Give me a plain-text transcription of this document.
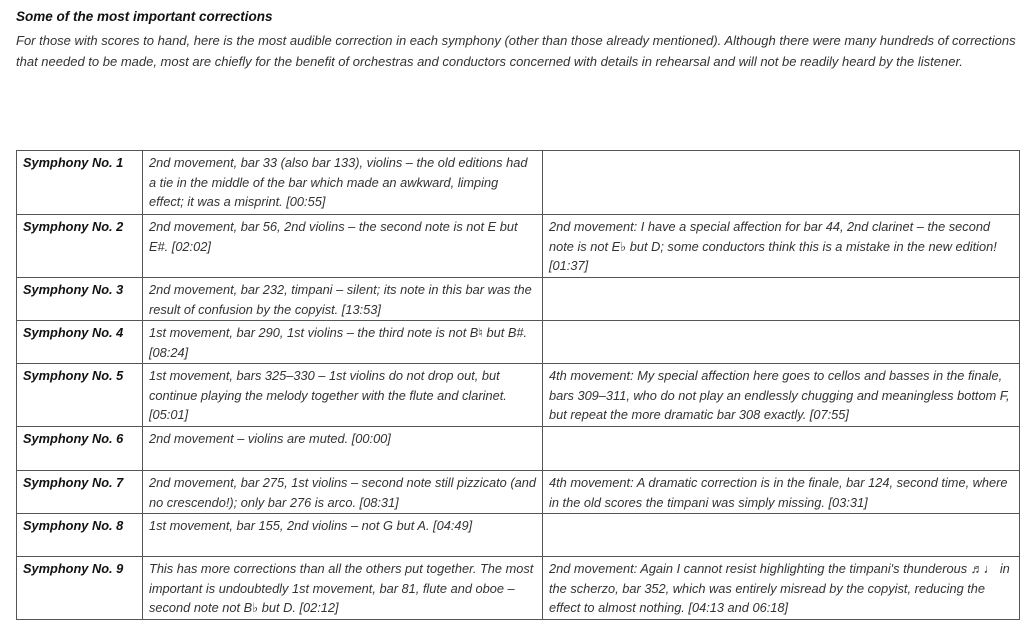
Some of the most important corrections

For those with scores to hand, here is the most audible correction in each symphony (other than those already mentioned). Although there were many hundreds of corrections that needed to be made, most are chiefly for the benefit of orchestras and conductors concerned with details in rehearsal and will not be readily heard by the listener.

Symphony No. 1	2nd movement, bar 33 (also bar 133), violins – the old editions had a tie in the middle of the bar which made an awkward, limping effect; it was a misprint. [00:55]	
Symphony No. 2	2nd movement, bar 56, 2nd violins – the second note is not E but E#. [02:02]	2nd movement: I have a special affection for bar 44, 2nd clarinet – the second note is not E♭ but D; some conductors think this is a mistake in the new edition! [01:37]
Symphony No. 3	2nd movement, bar 232, timpani – silent; its note in this bar was the result of confusion by the copyist. [13:53]	
Symphony No. 4	1st movement, bar 290, 1st violins – the third note is not B♮ but B#. [08:24]	
Symphony No. 5	1st movement, bars 325–330 – 1st violins do not drop out, but continue playing the melody together with the flute and clarinet. [05:01]	4th movement: My special affection here goes to cellos and basses in the finale, bars 309–311, who do not play an endlessly chugging and meaningless bottom F, but repeat the more dramatic bar 308 exactly. [07:55]
Symphony No. 6	2nd movement – violins are muted. [00:00]	
Symphony No. 7	2nd movement, bar 275, 1st violins – second note still pizzicato (and no crescendo!); only bar 276 is arco. [08:31]	4th movement: A dramatic correction is in the finale, bar 124, second time, where in the old scores the timpani was simply missing. [03:31]
Symphony No. 8	1st movement, bar 155, 2nd violins – not G but A. [04:49]	
Symphony No. 9	This has more corrections than all the others put together. The most important is undoubtedly 1st movement, bar 81, flute and oboe – second note not B♭ but D. [02:12]	2nd movement: Again I cannot resist highlighting the timpani's thunderous ♬♩ in the scherzo, bar 352, which was entirely misread by the copyist, reducing the effect to almost nothing. [04:13 and 06:18]
